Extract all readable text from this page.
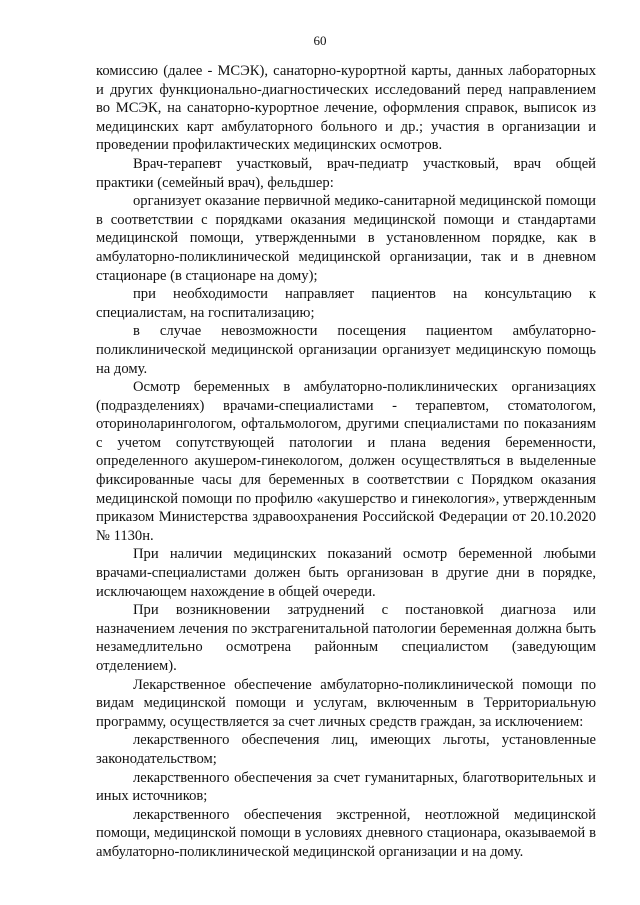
60

комиссию (далее - МСЭК), санаторно-курортной карты, данных лабораторных и других функционально-диагностических исследований перед направлением во МСЭК, на санаторно-курортное лечение, оформления справок, выписок из медицинских карт амбулаторного больного и др.; участия в организации и проведении профилактических медицинских осмотров.

Врач-терапевт участковый, врач-педиатр участковый, врач общей практики (семейный врач), фельдшер:

организует оказание первичной медико-санитарной медицинской помощи в соответствии с порядками оказания медицинской помощи и стандартами медицинской помощи, утвержденными в установленном порядке, как в амбулаторно-поликлинической медицинской организации, так и в дневном стационаре (в стационаре на дому);

при необходимости направляет пациентов на консультацию к специалистам, на госпитализацию;

в случае невозможности посещения пациентом амбулаторно-поликлинической медицинской организации организует медицинскую помощь на дому.

Осмотр беременных в амбулаторно-поликлинических организациях (подразделениях) врачами-специалистами - терапевтом, стоматологом, оториноларингологом, офтальмологом, другими специалистами по показаниям с учетом сопутствующей патологии и плана ведения беременности, определенного акушером-гинекологом, должен осуществляться в выделенные фиксированные часы для беременных в соответствии с Порядком оказания медицинской помощи по профилю «акушерство и гинекология», утвержденным приказом Министерства здравоохранения Российской Федерации от 20.10.2020 № 1130н.

При наличии медицинских показаний осмотр беременной любыми врачами-специалистами должен быть организован в другие дни в порядке, исключающем нахождение в общей очереди.

При возникновении затруднений с постановкой диагноза или назначением лечения по экстрагенитальной патологии беременная должна быть незамедлительно осмотрена районным специалистом (заведующим отделением).

Лекарственное обеспечение амбулаторно-поликлинической помощи по видам медицинской помощи и услугам, включенным в Территориальную программу, осуществляется за счет личных средств граждан, за исключением:

лекарственного обеспечения лиц, имеющих льготы, установленные законодательством;

лекарственного обеспечения за счет гуманитарных, благотворительных и иных источников;

лекарственного обеспечения экстренной, неотложной медицинской помощи, медицинской помощи в условиях дневного стационара, оказываемой в амбулаторно-поликлинической медицинской организации и на дому.
